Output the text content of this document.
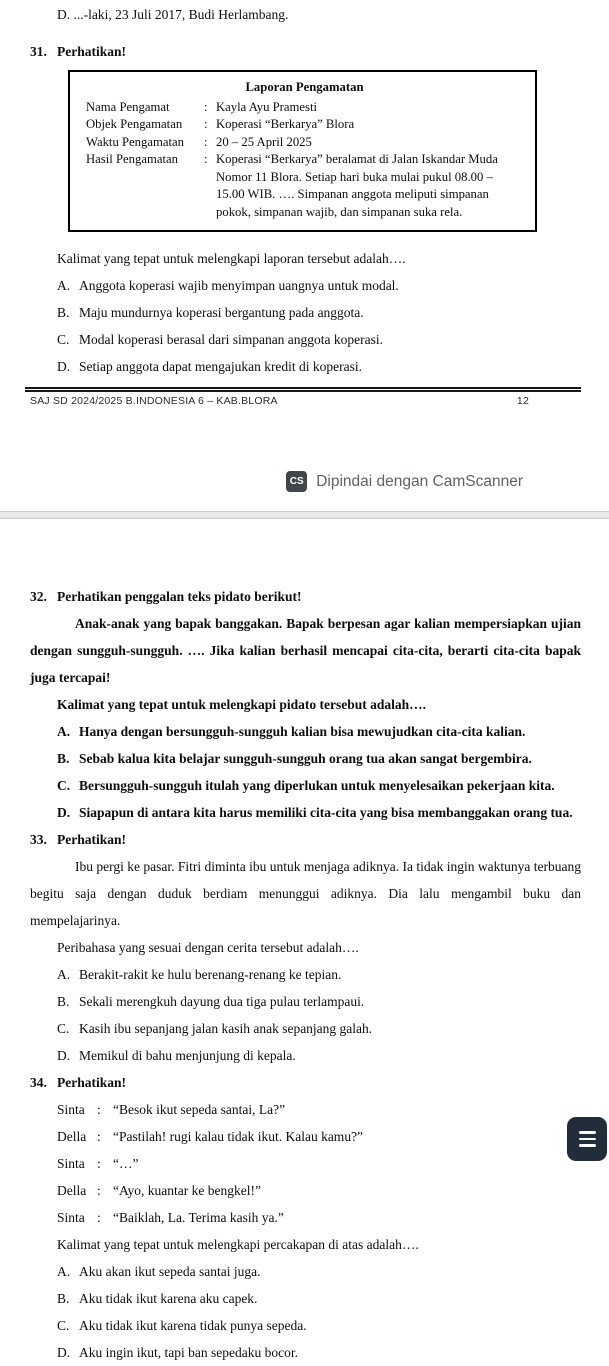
D. ...-laki, 23 Juli 2017, Budi Herlambang.
31. Perhatikan!
Laporan Pengamatan
Nama Pengamat	: Kayla Ayu Pramesti
Objek Pengamatan	: Koperasi “Berkarya” Blora
Waktu Pengamatan	: 20 – 25 April 2025
Hasil Pengamatan	: Koperasi “Berkarya” beralamat di Jalan Iskandar Muda Nomor 11 Blora. Setiap hari buka mulai pukul 08.00 – 15.00 WIB. …. Simpanan anggota meliputi simpanan pokok, simpanan wajib, dan simpanan suka rela.
Kalimat yang tepat untuk melengkapi laporan tersebut adalah….
A. Anggota koperasi wajib menyimpan uangnya untuk modal.
B. Maju mundurnya koperasi bergantung pada anggota.
C. Modal koperasi berasal dari simpanan anggota koperasi.
D. Setiap anggota dapat mengajukan kredit di koperasi.
SAJ SD 2024/2025 B.INDONESIA 6 – KAB.BLORA	12
CS Dipindai dengan CamScanner
32. Perhatikan penggalan teks pidato berikut!
Anak-anak yang bapak banggakan. Bapak berpesan agar kalian mempersiapkan ujian dengan sungguh-sungguh. …. Jika kalian berhasil mencapai cita-cita, berarti cita-cita bapak juga tercapai!
Kalimat yang tepat untuk melengkapi pidato tersebut adalah….
A. Hanya dengan bersungguh-sungguh kalian bisa mewujudkan cita-cita kalian.
B. Sebab kalua kita belajar sungguh-sungguh orang tua akan sangat bergembira.
C. Bersungguh-sungguh itulah yang diperlukan untuk menyelesaikan pekerjaan kita.
D. Siapapun di antara kita harus memiliki cita-cita yang bisa membanggakan orang tua.
33. Perhatikan!
Ibu pergi ke pasar. Fitri diminta ibu untuk menjaga adiknya. Ia tidak ingin waktunya terbuang begitu saja dengan duduk berdiam menunggui adiknya. Dia lalu mengambil buku dan mempelajarinya.
Peribahasa yang sesuai dengan cerita tersebut adalah….
A. Berakit-rakit ke hulu berenang-renang ke tepian.
B. Sekali merengkuh dayung dua tiga pulau terlampaui.
C. Kasih ibu sepanjang jalan kasih anak sepanjang galah.
D. Memikul di bahu menjunjung di kepala.
34. Perhatikan!
Sinta : “Besok ikut sepeda santai, La?”
Della : “Pastilah! rugi kalau tidak ikut. Kalau kamu?”
Sinta : “…”
Della : “Ayo, kuantar ke bengkel!”
Sinta : “Baiklah, La. Terima kasih ya.”
Kalimat yang tepat untuk melengkapi percakapan di atas adalah….
A. Aku akan ikut sepeda santai juga.
B. Aku tidak ikut karena aku capek.
C. Aku tidak ikut karena tidak punya sepeda.
D. Aku ingin ikut, tapi ban sepedaku bocor.
